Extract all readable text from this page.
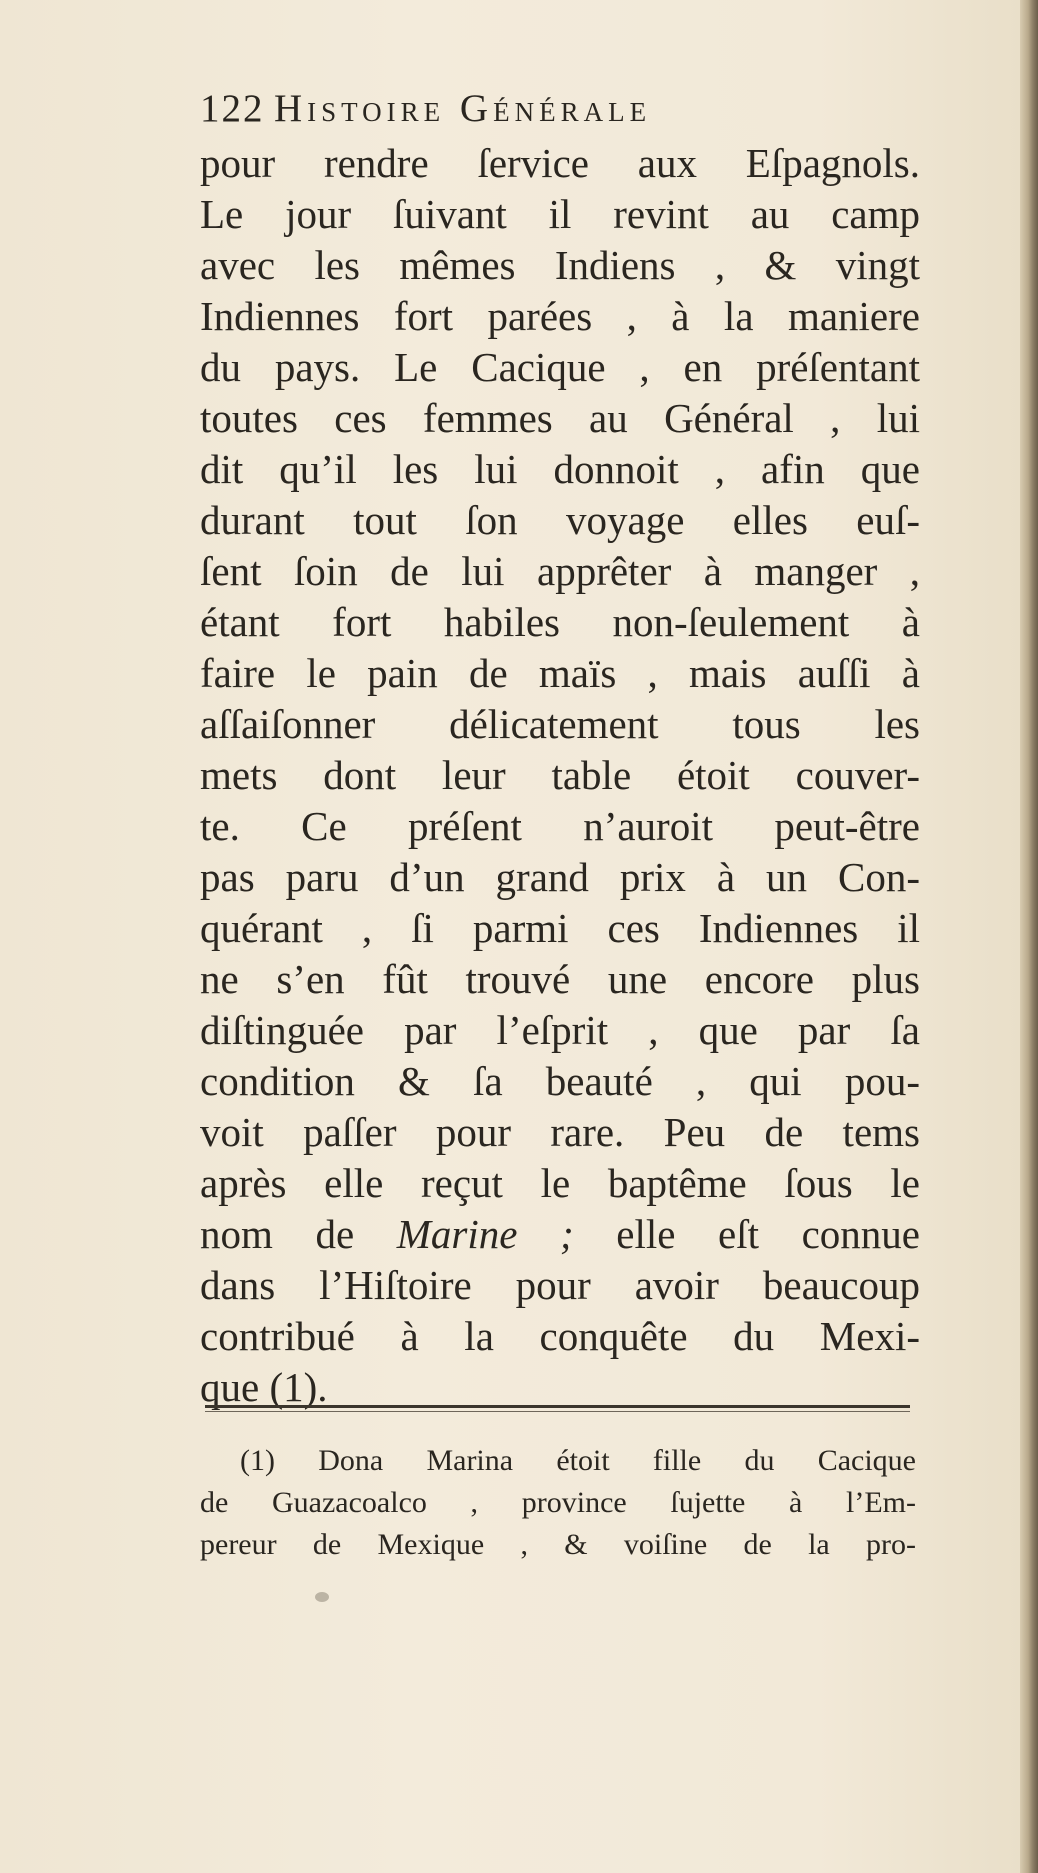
122 Histoire Générale
pour rendre ſervice aux Eſpagnols.
Le jour ſuivant il revint au camp
avec les mêmes Indiens , & vingt
Indiennes fort parées , à la maniere
du pays. Le Cacique , en préſentant
toutes ces femmes au Général , lui
dit qu’il les lui donnoit , afin que
durant tout ſon voyage elles euſ-
ſent ſoin de lui apprêter à manger ,
étant fort habiles non-ſeulement à
faire le pain de maïs , mais auſſi à
aſſaiſonner délicatement tous les
mets dont leur table étoit couver-
te. Ce préſent n’auroit peut-être
pas paru d’un grand prix à un Con-
quérant , ſi parmi ces Indiennes il
ne s’en fût trouvé une encore plus
diſtinguée par l’eſprit , que par ſa
condition & ſa beauté , qui pou-
voit paſſer pour rare. Peu de tems
après elle reçut le baptême ſous le
nom de Marine ; elle eſt connue
dans l’Hiſtoire pour avoir beaucoup
contribué à la conquête du Mexi-
que (1).
(1) Dona Marina étoit fille du Cacique
de Guazacoalco , province ſujette à l’Em-
pereur de Mexique , & voiſine de la pro-
